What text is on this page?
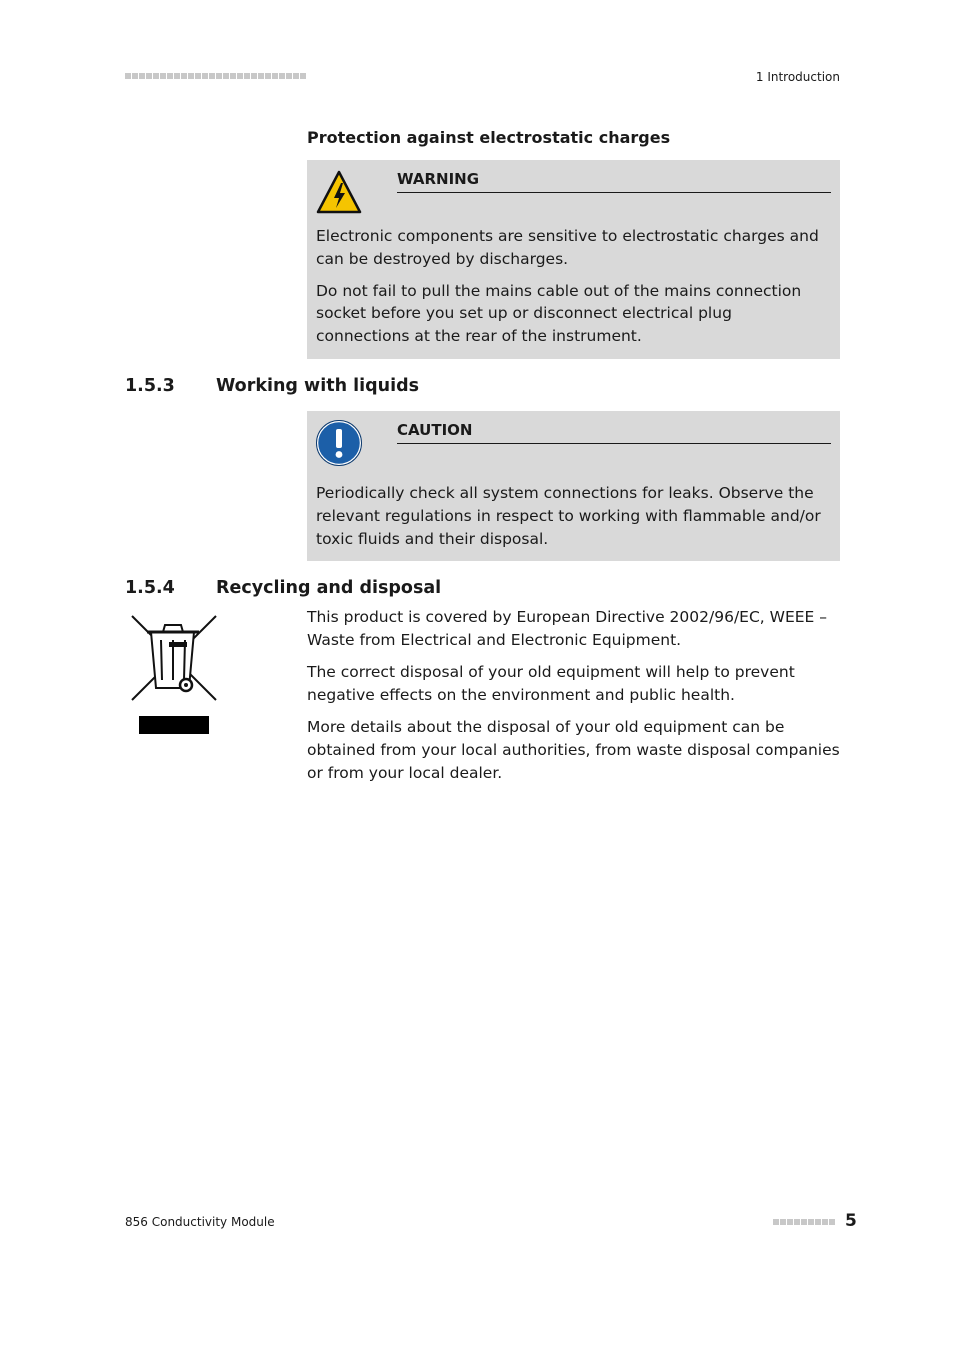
1 Introduction
Protection against electrostatic charges
WARNING

Electronic components are sensitive to electrostatic charges and can be destroyed by discharges.

Do not fail to pull the mains cable out of the mains connection socket before you set up or disconnect electrical plug connections at the rear of the instrument.

1.5.3 Working with liquids
CAUTION

Periodically check all system connections for leaks. Observe the relevant regulations in respect to working with flammable and/or toxic fluids and their disposal.

1.5.4 Recycling and disposal

This product is covered by European Directive 2002/96/EC, WEEE – Waste from Electrical and Electronic Equipment.

The correct disposal of your old equipment will help to prevent negative effects on the environment and public health.

More details about the disposal of your old equipment can be obtained from your local authorities, from waste disposal companies or from your local dealer.

856 Conductivity Module	5
